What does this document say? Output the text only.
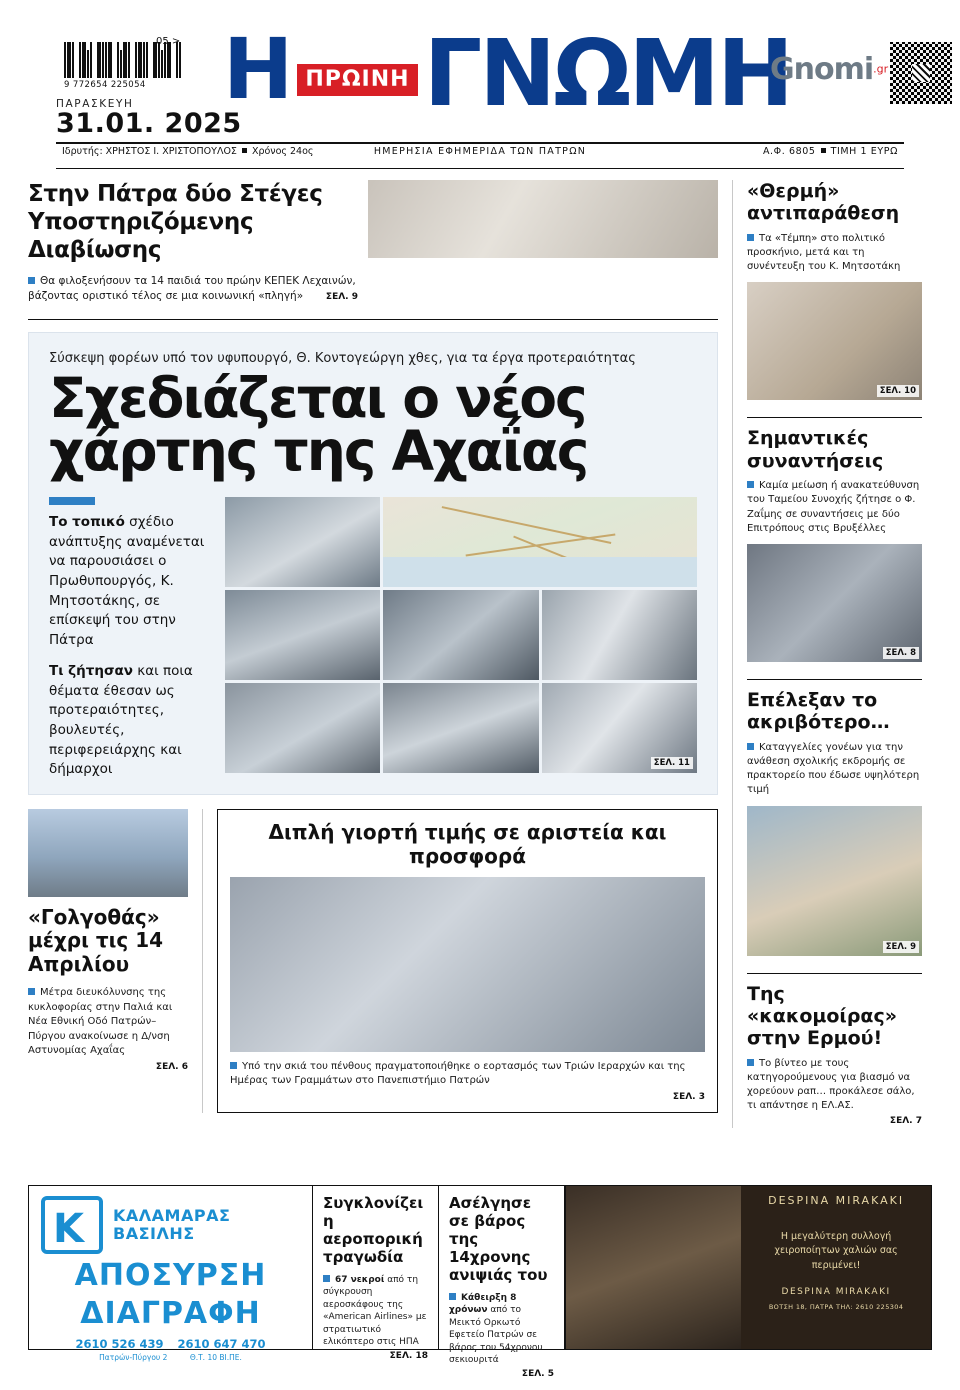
9 772654 225054
05 >
ΠΑΡΑΣΚΕΥΗ
31.01. 2025
Η ΠΡΩΙΝΗ ΓΝΩΜΗ
Gnomi$^{.gr}$
Ιδρυτής: ΧΡΗΣΤΟΣ Ι. ΧΡΙΣΤΟΠΟΥΛΟΣ Χρόνος 24ος	ΗΜΕΡΗΣΙΑ ΕΦΗΜΕΡΙΔΑ ΤΩΝ ΠΑΤΡΩΝ	Α.Φ. 6805 ΤΙΜΗ 1 ΕΥΡΩ
Στην Πάτρα δύο Στέγες Υποστηριζόμενης Διαβίωσης
Θα φιλοξενήσουν τα 14 παιδιά του πρώην ΚΕΠΕΚ Λεχαινών, βάζοντας οριστικό τέλος σε μια κοινωνική «πληγή»	ΣΕΛ. 9
Σύσκεψη φορέων υπό τον υφυπουργό, Θ. Κοντογεώργη χθες, για τα έργα προτεραιότητας
Σχεδιάζεται ο νέος
χάρτης της Αχαΐας

Το τοπικό σχέδιο ανάπτυξης αναμένεται να παρουσιάσει ο Πρωθυπουργός, Κ. Μητσοτάκης, σε επίσκεψή του στην Πάτρα

Τι ζήτησαν και ποια θέματα έθεσαν ως προτεραιότητες, βουλευτές, περιφερειάρχης και δήμαρχοι	ΣΕΛ. 11
«Γολγοθάς» μέχρι τις 14 Απριλίου
Μέτρα διευκόλυνσης της κυκλοφορίας στην Παλιά και Νέα Εθνική Οδό Πατρών–Πύργου ανακοίνωσε η Δ/νση Αστυνομίας Αχαΐας
ΣΕΛ. 6
Διπλή γιορτή τιμής σε αριστεία και προσφορά
Υπό την σκιά του πένθους πραγματοποιήθηκε ο εορτασμός των Τριών Ιεραρχών και της Ημέρας των Γραμμάτων στο Πανεπιστήμιο Πατρών
ΣΕΛ. 3
«Θερμή» αντιπαράθεση
Τα «Τέμπη» στο πολιτικό προσκήνιο, μετά και τη συνέντευξη του Κ. Μητσοτάκη
ΣΕΛ. 10
Σημαντικές συναντήσεις
Καμία μείωση ή ανακατεύθυνση του Ταμείου Συνοχής ζήτησε ο Φ. Ζαΐμης σε συναντήσεις με δύο Επιτρόπους στις Βρυξέλλες
ΣΕΛ. 8
Επέλεξαν το ακριβότερο…
Καταγγελίες γονέων για την ανάθεση σχολικής εκδρομής σε πρακτορείο που έδωσε υψηλότερη τιμή
ΣΕΛ. 9
Της «κακομοίρας» στην Ερμού!
Το βίντεο με τους κατηγορούμενους για βιασμό να χορεύουν ραπ… προκάλεσε σάλο, τι απάντησε η ΕΛ.ΑΣ.
ΣΕΛ. 7
K
ΚΑΛΑΜΑΡΑΣ
ΒΑΣΙΛΗΣ
ΑΠΟΣΥΡΣΗ
ΔΙΑΓΡΑΦΗ
2610 526 439 2610 647 470
Πατρών-Πύργου 2	Θ.Τ. 10 ΒΙ.ΠΕ.
Συγκλονίζει η αεροπορική τραγωδία
67 νεκροί από τη σύγκρουση αεροσκάφους της «American Airlines» με στρατιωτικό ελικόπτερο στις ΗΠΑ
ΣΕΛ. 18
Ασέλγησε σε βάρος της 14χρονης ανιψιάς του
Κάθειρξη 8 χρόνων από το Μεικτό Ορκωτό Εφετείο Πατρών σε βάρος του 54χρονου σεκιουριτά
ΣΕΛ. 5
DESPINA MIRAKAKI
Η μεγαλύτερη συλλογή χειροποίητων χαλιών σας περιμένει!
DESPINA MIRAKAKI
ΒΟΤΣΗ 18, ΠΑΤΡΑ ΤΗΛ: 2610 225304
